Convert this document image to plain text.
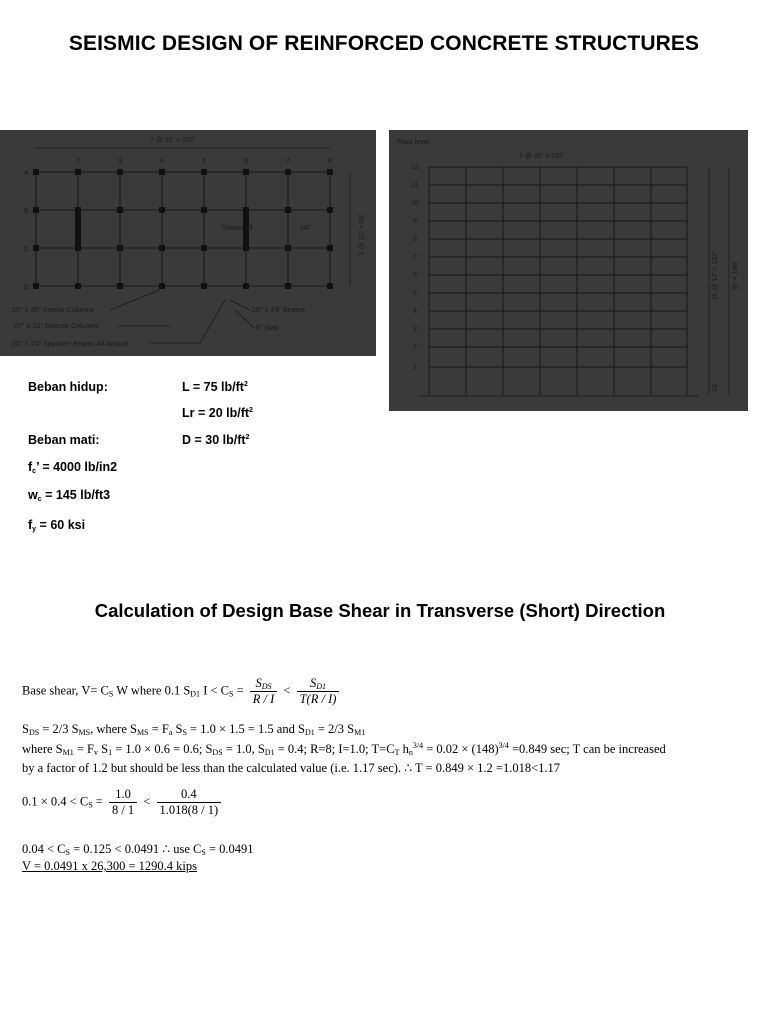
SEISMIC DESIGN OF REINFORCED CONCRETE STRUCTURES
7 @ 26' = 182'
3 @ 22' = 66'
2	3	4	5	6	7	8
A
B
C
D
Shearwall	14"
26" X 26" Interior Columns
22" X 22" Exterior Columns
20" X 24" Spandrel Beams All Around
20" X 24" Beams
8" Slab
Floor level
7 @ 26' = 182'
12
11
10
9
8
7
6
5
4
3
2
1
11 @ 12' = 132' hn = 148'
16'
Beban hidup:	L = 75 $lb/ft^2$
Lr = 20 $lb/ft^2$
Beban mati:	D = 30 $lb/ft^2$
$f_c$’ = 4000 lb/in2
$w_c = 145$ lb/ft3
$f_y = 60$ ksi
Calculation of Design Base Shear in Transverse (Short) Direction
Base shear, V= CS W where 0.1 SD1 I < CS = $\frac{\text{SDS}}{R / I} < \frac{SD1}{T(R / I)}$
SDS = 2/3 SMS, where SMS = Fa SS = 1.0 × 1.5 = 1.5 and SD1 = 2/3 SM1
where SM1 = Fv S1 = 1.0 × 0.6 = 0.6; SDS = 1.0, SD1 = 0.4; R=8; I=1.0; T=CT $hn^{3/4} = 0.02 \times (148)^{3/4} =0.849$ sec; T can be increased
by a factor of 1.2 but should be less than the calculated value (i.e. 1.17 sec). ∴ T = 0.849 × 1.2 =1.018<1.17
0.1 × 0.4 < CS = $\frac{1.0}{8 / 1} < \frac{0.4}{1.018(8 / 1)}$
0.04 < CS = 0.125 < 0.0491 ∴ use CS = 0.0491
V = 0.0491 x 26,300 = 1290.4 kips
